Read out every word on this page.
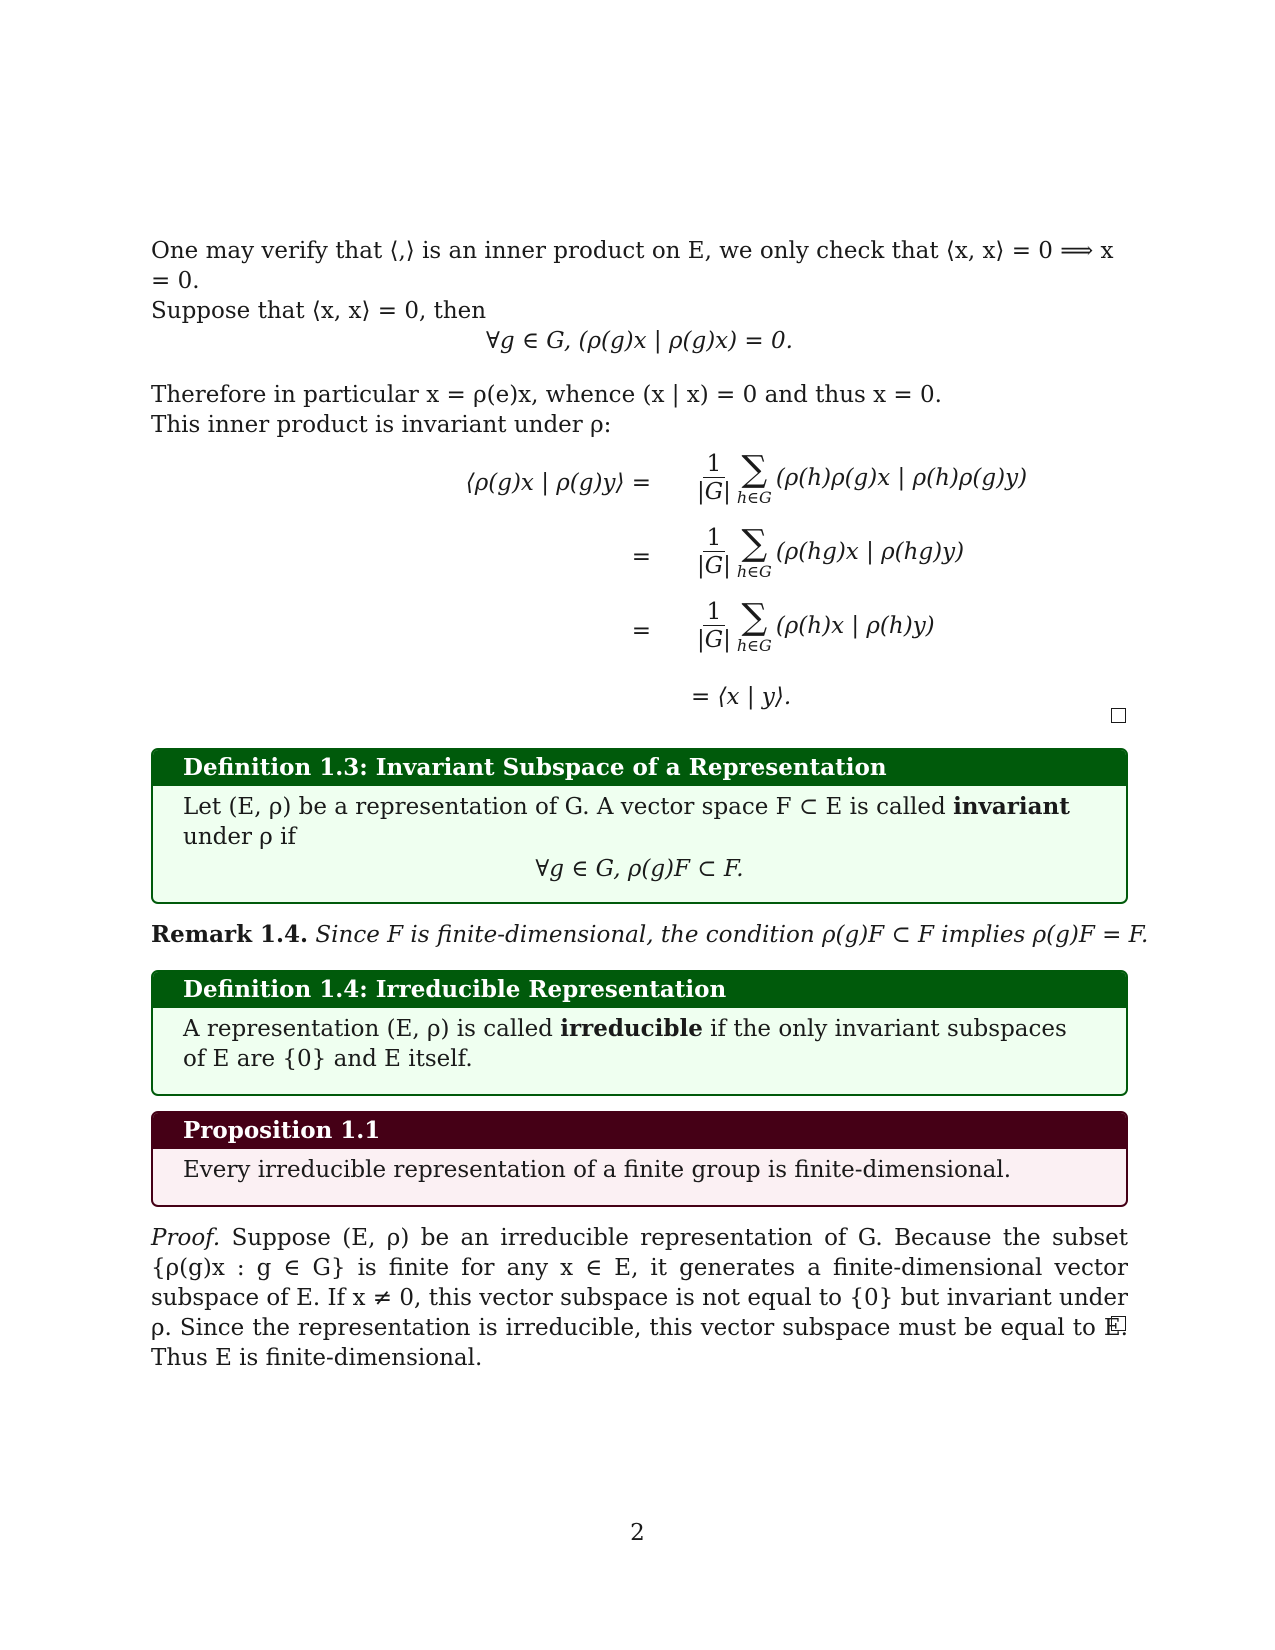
One may verify that ⟨,⟩ is an inner product on E, we only check that ⟨x, x⟩ = 0 ⟹ x = 0.

Suppose that ⟨x, x⟩ = 0, then

∀g ∈ G, (ρ(g)x | ρ(g)x) = 0.

Therefore in particular x = ρ(e)x, whence (x | x) = 0 and thus x = 0.

This inner product is invariant under ρ:

⟨ρ(g)x | ρ(g)y⟩ = $\frac{1}{|G|}$ ∑
h∈G
(ρ(h)ρ(g)x | ρ(h)ρ(g)y)
= $\frac{1}{|G|}$ ∑
h∈G
(ρ(hg)x | ρ(hg)y)
= $\frac{1}{|G|}$ ∑
h∈G
(ρ(h)x | ρ(h)y)
= ⟨x | y⟩.
Definition 1.3: Invariant Subspace of a Representation
Let (E, ρ) be a representation of G. A vector space F ⊂ E is called invariant under ρ if

∀g ∈ G, ρ(g)F ⊂ F.

Remark 1.4. Since F is finite-dimensional, the condition ρ(g)F ⊂ F implies ρ(g)F = F.
Definition 1.4: Irreducible Representation
A representation (E, ρ) is called irreducible if the only invariant subspaces of E are {0} and E itself.
Proposition 1.1
Every irreducible representation of a finite group is finite-dimensional.
Proof. Suppose (E, ρ) be an irreducible representation of G. Because the subset {ρ(g)x : g ∈ G} is finite for any x ∈ E, it generates a finite-dimensional vector subspace of E. If x ≠ 0, this vector subspace is not equal to {0} but invariant under ρ. Since the representation is irreducible, this vector subspace must be equal to E. Thus E is finite-dimensional.
2
